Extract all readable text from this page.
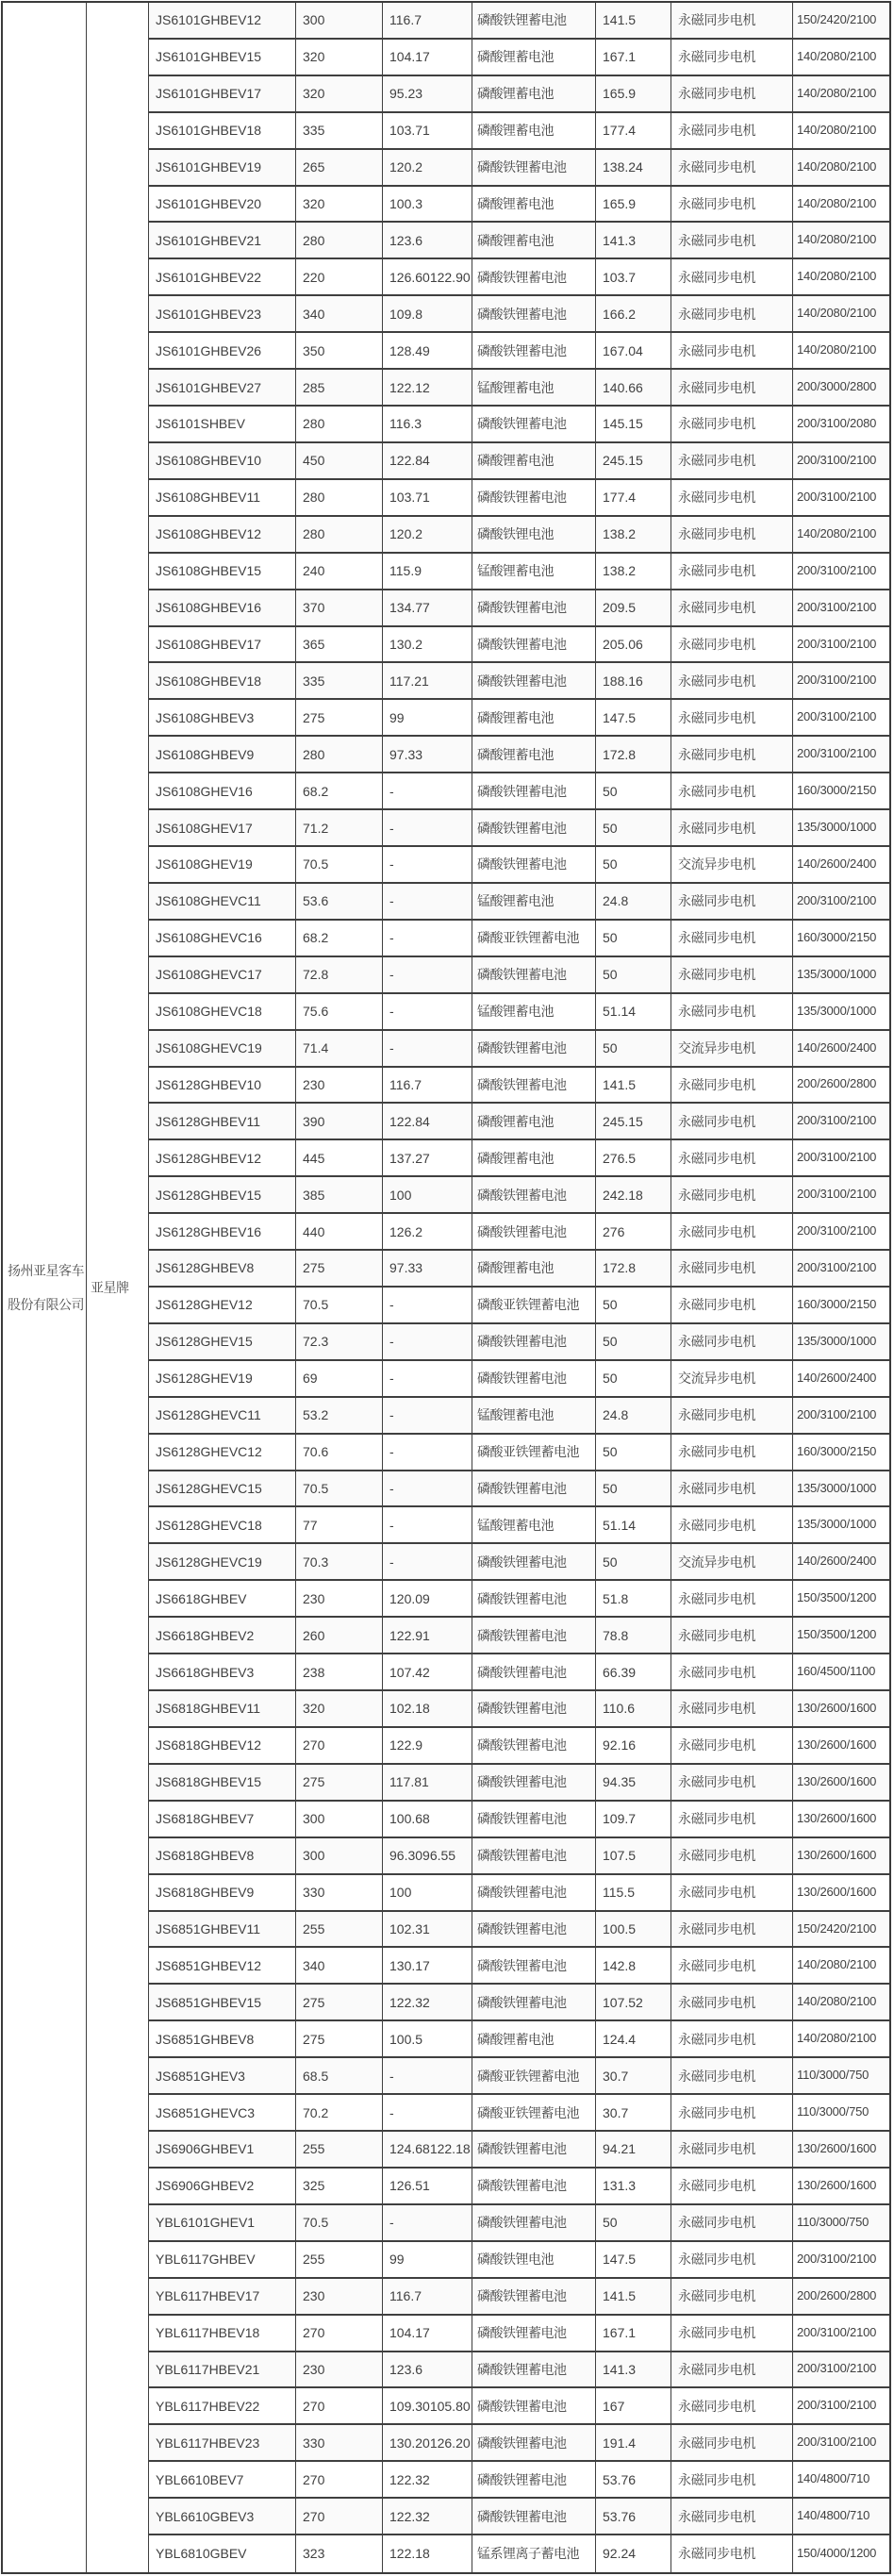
扬州亚星客车
股份有限公司
亚星牌
JS6101GHBEV12	300	116.7	磷酸铁锂蓄电池	141.5	永磁同步电机	150/2420/2100
JS6101GHBEV15	320	104.17	磷酸锂蓄电池	167.1	永磁同步电机	140/2080/2100
JS6101GHBEV17	320	95.23	磷酸锂蓄电池	165.9	永磁同步电机	140/2080/2100
JS6101GHBEV18	335	103.71	磷酸锂蓄电池	177.4	永磁同步电机	140/2080/2100
JS6101GHBEV19	265	120.2	磷酸铁锂蓄电池	138.24	永磁同步电机	140/2080/2100
JS6101GHBEV20	320	100.3	磷酸锂蓄电池	165.9	永磁同步电机	140/2080/2100
JS6101GHBEV21	280	123.6	磷酸锂蓄电池	141.3	永磁同步电机	140/2080/2100
JS6101GHBEV22	220	126.60122.90 磷酸铁锂蓄电池	103.7	永磁同步电机	140/2080/2100
JS6101GHBEV23	340	109.8	磷酸铁锂蓄电池	166.2	永磁同步电机	140/2080/2100
JS6101GHBEV26	350	128.49	磷酸铁锂蓄电池	167.04	永磁同步电机	140/2080/2100
JS6101GHBEV27	285	122.12	锰酸锂蓄电池	140.66	永磁同步电机	200/3000/2800
JS6101SHBEV	280	116.3	磷酸铁锂蓄电池	145.15	永磁同步电机	200/3100/2080
JS6108GHBEV10	450	122.84	磷酸锂蓄电池	245.15	永磁同步电机	200/3100/2100
JS6108GHBEV11	280	103.71	磷酸铁锂蓄电池	177.4	永磁同步电机	200/3100/2100
JS6108GHBEV12	280	120.2	磷酸铁锂电池	138.2	永磁同步电机	140/2080/2100
JS6108GHBEV15	240	115.9	锰酸锂蓄电池	138.2	永磁同步电机	200/3100/2100
JS6108GHBEV16	370	134.77	磷酸铁锂蓄电池	209.5	永磁同步电机	200/3100/2100
JS6108GHBEV17	365	130.2	磷酸铁锂蓄电池	205.06	永磁同步电机	200/3100/2100
JS6108GHBEV18	335	117.21	磷酸铁锂蓄电池	188.16	永磁同步电机	200/3100/2100
JS6108GHBEV3	275	99	磷酸锂蓄电池	147.5	永磁同步电机	200/3100/2100
JS6108GHBEV9	280	97.33	磷酸锂蓄电池	172.8	永磁同步电机	200/3100/2100
JS6108GHEV16	68.2	-	磷酸铁锂蓄电池	50	永磁同步电机	160/3000/2150
JS6108GHEV17	71.2	-	磷酸铁锂蓄电池	50	永磁同步电机	135/3000/1000
JS6108GHEV19	70.5	-	磷酸铁锂蓄电池	50	交流异步电机	140/2600/2400
JS6108GHEVC11	53.6	-	锰酸锂蓄电池	24.8	永磁同步电机	200/3100/2100
JS6108GHEVC16	68.2	-	磷酸亚铁锂蓄电池	50	永磁同步电机	160/3000/2150
JS6108GHEVC17	72.8	-	磷酸铁锂蓄电池	50	永磁同步电机	135/3000/1000
JS6108GHEVC18	75.6	-	锰酸锂蓄电池	51.14	永磁同步电机	135/3000/1000
JS6108GHEVC19	71.4	-	磷酸铁锂蓄电池	50	交流异步电机	140/2600/2400
JS6128GHBEV10	230	116.7	磷酸铁锂蓄电池	141.5	永磁同步电机	200/2600/2800
JS6128GHBEV11	390	122.84	磷酸锂蓄电池	245.15	永磁同步电机	200/3100/2100
JS6128GHBEV12	445	137.27	磷酸锂蓄电池	276.5	永磁同步电机	200/3100/2100
JS6128GHBEV15	385	100	磷酸铁锂蓄电池	242.18	永磁同步电机	200/3100/2100
JS6128GHBEV16	440	126.2	磷酸铁锂蓄电池	276	永磁同步电机	200/3100/2100
JS6128GHBEV8	275	97.33	磷酸锂蓄电池	172.8	永磁同步电机	200/3100/2100
JS6128GHEV12	70.5	-	磷酸亚铁锂蓄电池	50	永磁同步电机	160/3000/2150
JS6128GHEV15	72.3	-	磷酸铁锂蓄电池	50	永磁同步电机	135/3000/1000
JS6128GHEV19	69	-	磷酸铁锂蓄电池	50	交流异步电机	140/2600/2400
JS6128GHEVC11	53.2	-	锰酸锂蓄电池	24.8	永磁同步电机	200/3100/2100
JS6128GHEVC12	70.6	-	磷酸亚铁锂蓄电池	50	永磁同步电机	160/3000/2150
JS6128GHEVC15	70.5	-	磷酸铁锂蓄电池	50	永磁同步电机	135/3000/1000
JS6128GHEVC18	77	-	锰酸锂蓄电池	51.14	永磁同步电机	135/3000/1000
JS6128GHEVC19	70.3	-	磷酸铁锂蓄电池	50	交流异步电机	140/2600/2400
JS6618GHBEV	230	120.09	磷酸铁锂蓄电池	51.8	永磁同步电机	150/3500/1200
JS6618GHBEV2	260	122.91	磷酸铁锂蓄电池	78.8	永磁同步电机	150/3500/1200
JS6618GHBEV3	238	107.42	磷酸铁锂蓄电池	66.39	永磁同步电机	160/4500/1100
JS6818GHBEV11	320	102.18	磷酸铁锂蓄电池	110.6	永磁同步电机	130/2600/1600
JS6818GHBEV12	270	122.9	磷酸铁锂蓄电池	92.16	永磁同步电机	130/2600/1600
JS6818GHBEV15	275	117.81	磷酸铁锂蓄电池	94.35	永磁同步电机	130/2600/1600
JS6818GHBEV7	300	100.68	磷酸铁锂蓄电池	109.7	永磁同步电机	130/2600/1600
JS6818GHBEV8	300	96.3096.55	磷酸铁锂蓄电池	107.5	永磁同步电机	130/2600/1600
JS6818GHBEV9	330	100	磷酸铁锂蓄电池	115.5	永磁同步电机	130/2600/1600
JS6851GHBEV11	255	102.31	磷酸铁锂蓄电池	100.5	永磁同步电机	150/2420/2100
JS6851GHBEV12	340	130.17	磷酸铁锂蓄电池	142.8	永磁同步电机	140/2080/2100
JS6851GHBEV15	275	122.32	磷酸铁锂蓄电池	107.52	永磁同步电机	140/2080/2100
JS6851GHBEV8	275	100.5	磷酸锂蓄电池	124.4	永磁同步电机	140/2080/2100
JS6851GHEV3	68.5	-	磷酸亚铁锂蓄电池	30.7	永磁同步电机	110/3000/750
JS6851GHEVC3	70.2	-	磷酸亚铁锂蓄电池	30.7	永磁同步电机	110/3000/750
JS6906GHBEV1	255	124.68122.18 磷酸铁锂蓄电池	94.21	永磁同步电机	130/2600/1600
JS6906GHBEV2	325	126.51	磷酸铁锂蓄电池	131.3	永磁同步电机	130/2600/1600
YBL6101GHEV1	70.5	-	磷酸铁锂蓄电池	50	永磁同步电机	110/3000/750
YBL6117GHBEV	255	99	磷酸铁锂电池	147.5	永磁同步电机	200/3100/2100
YBL6117HBEV17	230	116.7	磷酸铁锂蓄电池	141.5	永磁同步电机	200/2600/2800
YBL6117HBEV18	270	104.17	磷酸铁锂蓄电池	167.1	永磁同步电机	200/3100/2100
YBL6117HBEV21	230	123.6	磷酸铁锂蓄电池	141.3	永磁同步电机	200/3100/2100
YBL6117HBEV22	270	109.30105.80 磷酸铁锂蓄电池	167	永磁同步电机	200/3100/2100
YBL6117HBEV23	330	130.20126.20 磷酸铁锂蓄电池	191.4	永磁同步电机	200/3100/2100
YBL6610BEV7	270	122.32	磷酸铁锂蓄电池	53.76	永磁同步电机	140/4800/710
YBL6610GBEV3	270	122.32	磷酸铁锂蓄电池	53.76	永磁同步电机	140/4800/710
YBL6810GBEV	323	122.18	锰系锂离子蓄电池	92.24	永磁同步电机	150/4000/1200
